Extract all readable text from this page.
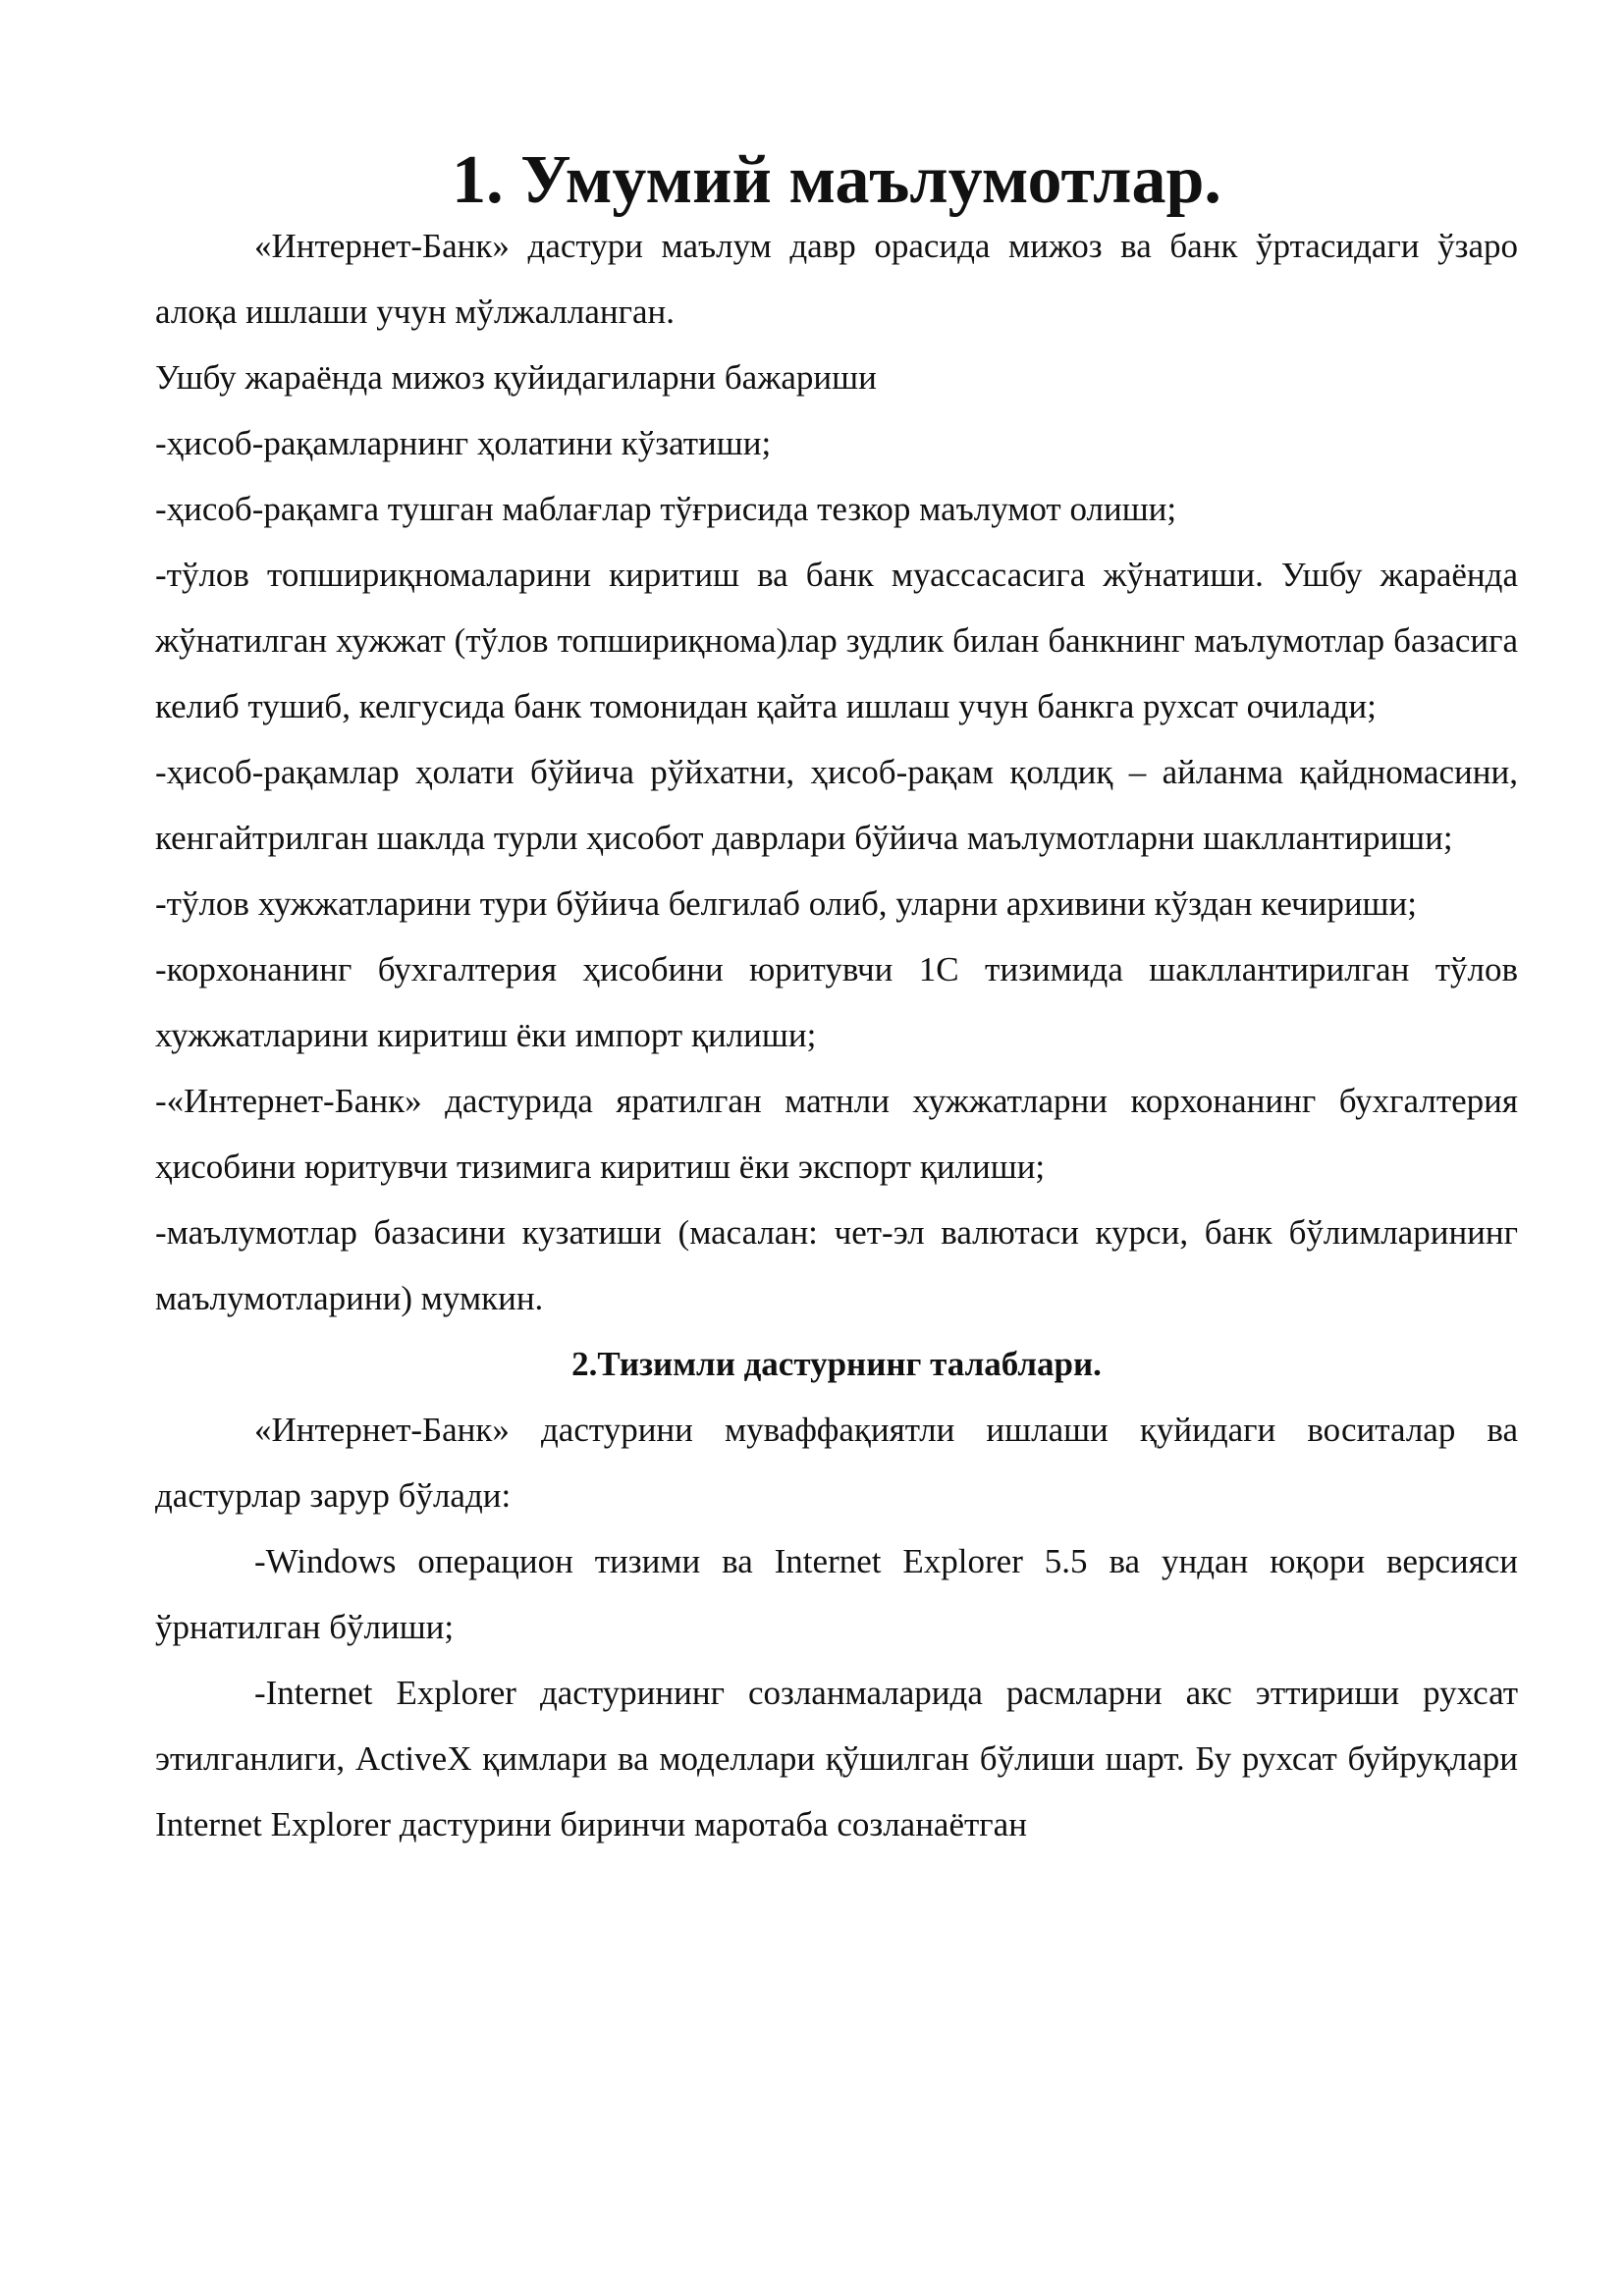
1. Умумий маълумотлар.

«Интернет-Банк» дастури маълум давр орасида мижоз ва банк ўртасидаги ўзаро алоқа ишлаши учун мўлжалланган.

Ушбу жараёнда мижоз қуйидагиларни бажариши

-ҳисоб-рақамларнинг ҳолатини кўзатиши;

-ҳисоб-рақамга тушган маблағлар тўғрисида тезкор маълумот олиши;

-тўлов топшириқномаларини киритиш ва банк муассасасига жўнатиши. Ушбу жараёнда жўнатилган хужжат (тўлов топшириқнома)лар зудлик билан банкнинг маълумотлар базасига келиб тушиб, келгусида банк томонидан қайта ишлаш учун банкга рухсат очилади;

-ҳисоб-рақамлар ҳолати бўйича рўйхатни, ҳисоб-рақам қолдиқ – айланма қайдномасини, кенгайтрилган шаклда турли ҳисобот даврлари бўйича маълумотларни шакллантириши;

-тўлов хужжатларини тури бўйича белгилаб олиб, уларни архивини кўздан кечириши;

-корхонанинг бухгалтерия ҳисобини юритувчи 1С тизимида шакллантирилган тўлов хужжатларини киритиш ёки импорт қилиши;

-«Интернет-Банк» дастурида яратилган матнли хужжатларни корхонанинг бухгалтерия ҳисобини юритувчи тизимига киритиш ёки экспорт қилиши;

-маълумотлар базасини кузатиши (масалан: чет-эл валютаси курси, банк бўлимларининг маълумотларини) мумкин.

2.Тизимли дастурнинг талаблари.

«Интернет-Банк» дастурини муваффақиятли ишлаши қуйидаги воситалар ва дастурлар зарур бўлади:

-Windows операцион тизими ва Internet Explorer 5.5 ва ундан юқори версияси ўрнатилган бўлиши;

-Internet Explorer дастурининг созланмаларида расмларни акс эттириши рухсат этилганлиги, ActiveX қимлари ва моделлари қўшилган бўлиши шарт. Бу рухсат буйруқлари Internet Explorer дастурини биринчи маротаба созланаётган
